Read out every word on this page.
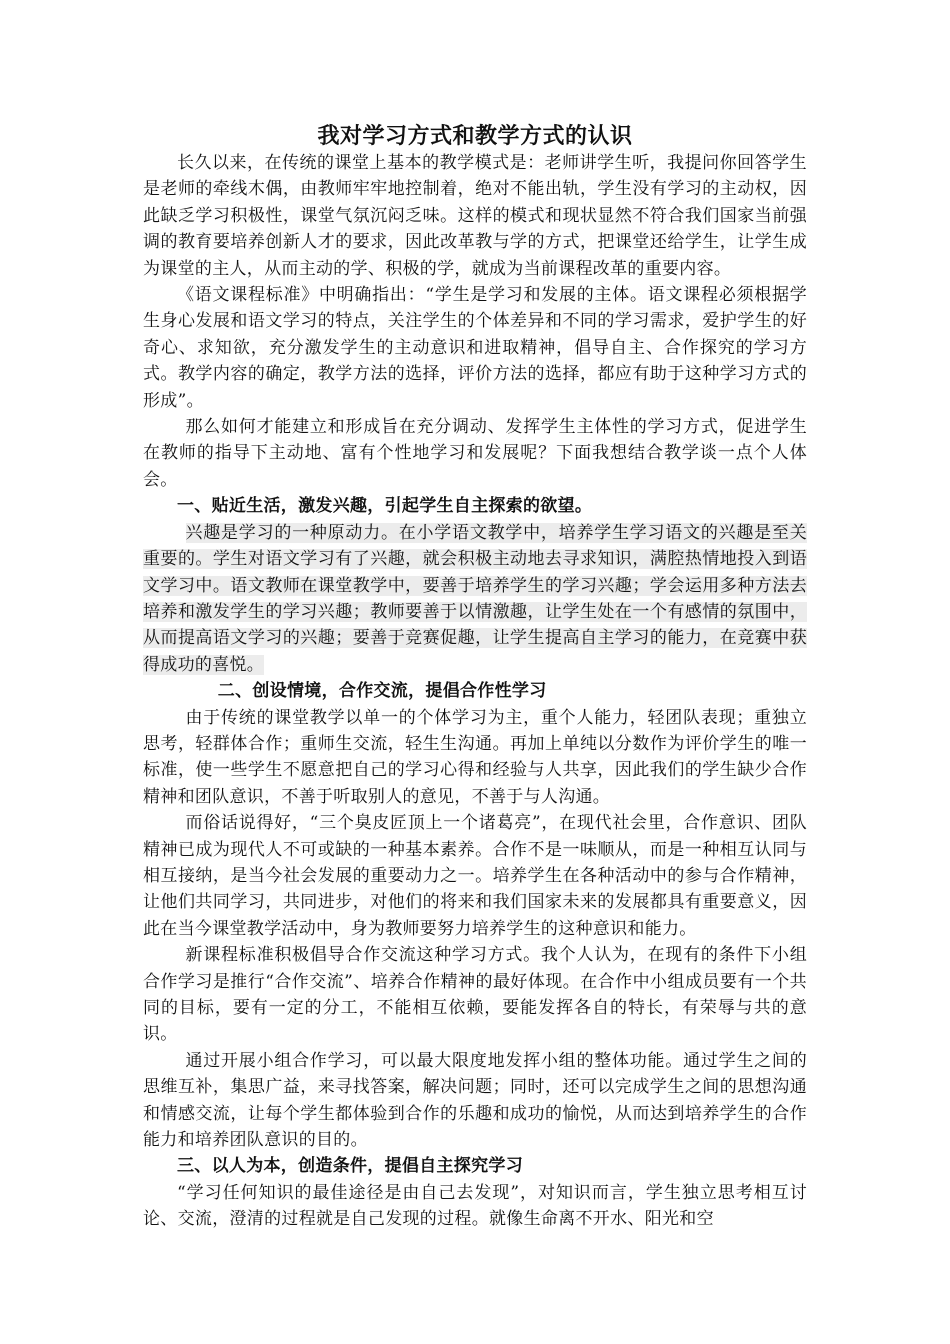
我对学习方式和教学方式的认识

长久以来，在传统的课堂上基本的教学模式是：老师讲学生听，我提问你回答学生是老师的牵线木偶，由教师牢牢地控制着，绝对不能出轨，学生没有学习的主动权，因此缺乏学习积极性，课堂气氛沉闷乏味。这样的模式和现状显然不符合我们国家当前强调的教育要培养创新人才的要求，因此改革教与学的方式，把课堂还给学生，让学生成为课堂的主人，从而主动的学、积极的学，就成为当前课程改革的重要内容。

《语文课程标准》中明确指出：“学生是学习和发展的主体。语文课程必须根据学生身心发展和语文学习的特点，关注学生的个体差异和不同的学习需求，爱护学生的好奇心、求知欲，充分激发学生的主动意识和进取精神，倡导自主、合作探究的学习方式。教学内容的确定，教学方法的选择，评价方法的选择，都应有助于这种学习方式的形成”。

那么如何才能建立和形成旨在充分调动、发挥学生主体性的学习方式，促进学生在教师的指导下主动地、富有个性地学习和发展呢？下面我想结合教学谈一点个人体会。

一、贴近生活，激发兴趣，引起学生自主探索的欲望。

兴趣是学习的一种原动力。在小学语文教学中，培养学生学习语文的兴趣是至关重要的。学生对语文学习有了兴趣，就会积极主动地去寻求知识，满腔热情地投入到语文学习中。语文教师在课堂教学中，要善于培养学生的学习兴趣；学会运用多种方法去培养和激发学生的学习兴趣；教师要善于以情激趣，让学生处在一个有感情的氛围中，从而提高语文学习的兴趣；要善于竞赛促趣，让学生提高自主学习的能力，在竞赛中获得成功的喜悦。

二、创设情境，合作交流，提倡合作性学习

由于传统的课堂教学以单一的个体学习为主，重个人能力，轻团队表现；重独立思考，轻群体合作；重师生交流，轻生生沟通。再加上单纯以分数作为评价学生的唯一标准，使一些学生不愿意把自己的学习心得和经验与人共享，因此我们的学生缺少合作精神和团队意识，不善于听取别人的意见，不善于与人沟通。

而俗话说得好，“三个臭皮匠顶上一个诸葛亮”，在现代社会里，合作意识、团队精神已成为现代人不可或缺的一种基本素养。合作不是一味顺从，而是一种相互认同与相互接纳，是当今社会发展的重要动力之一。培养学生在各种活动中的参与合作精神，让他们共同学习，共同进步，对他们的将来和我们国家未来的发展都具有重要意义，因此在当今课堂教学活动中，身为教师要努力培养学生的这种意识和能力。

新课程标准积极倡导合作交流这种学习方式。我个人认为，在现有的条件下小组合作学习是推行“合作交流”、培养合作精神的最好体现。在合作中小组成员要有一个共同的目标，要有一定的分工，不能相互依赖，要能发挥各自的特长，有荣辱与共的意识。

通过开展小组合作学习，可以最大限度地发挥小组的整体功能。通过学生之间的思维互补，集思广益，来寻找答案，解决问题；同时，还可以完成学生之间的思想沟通和情感交流，让每个学生都体验到合作的乐趣和成功的愉悦，从而达到培养学生的合作能力和培养团队意识的目的。

三、以人为本，创造条件，提倡自主探究学习

“学习任何知识的最佳途径是由自己去发现”，对知识而言，学生独立思考相互讨论、交流，澄清的过程就是自己发现的过程。就像生命离不开水、阳光和空
